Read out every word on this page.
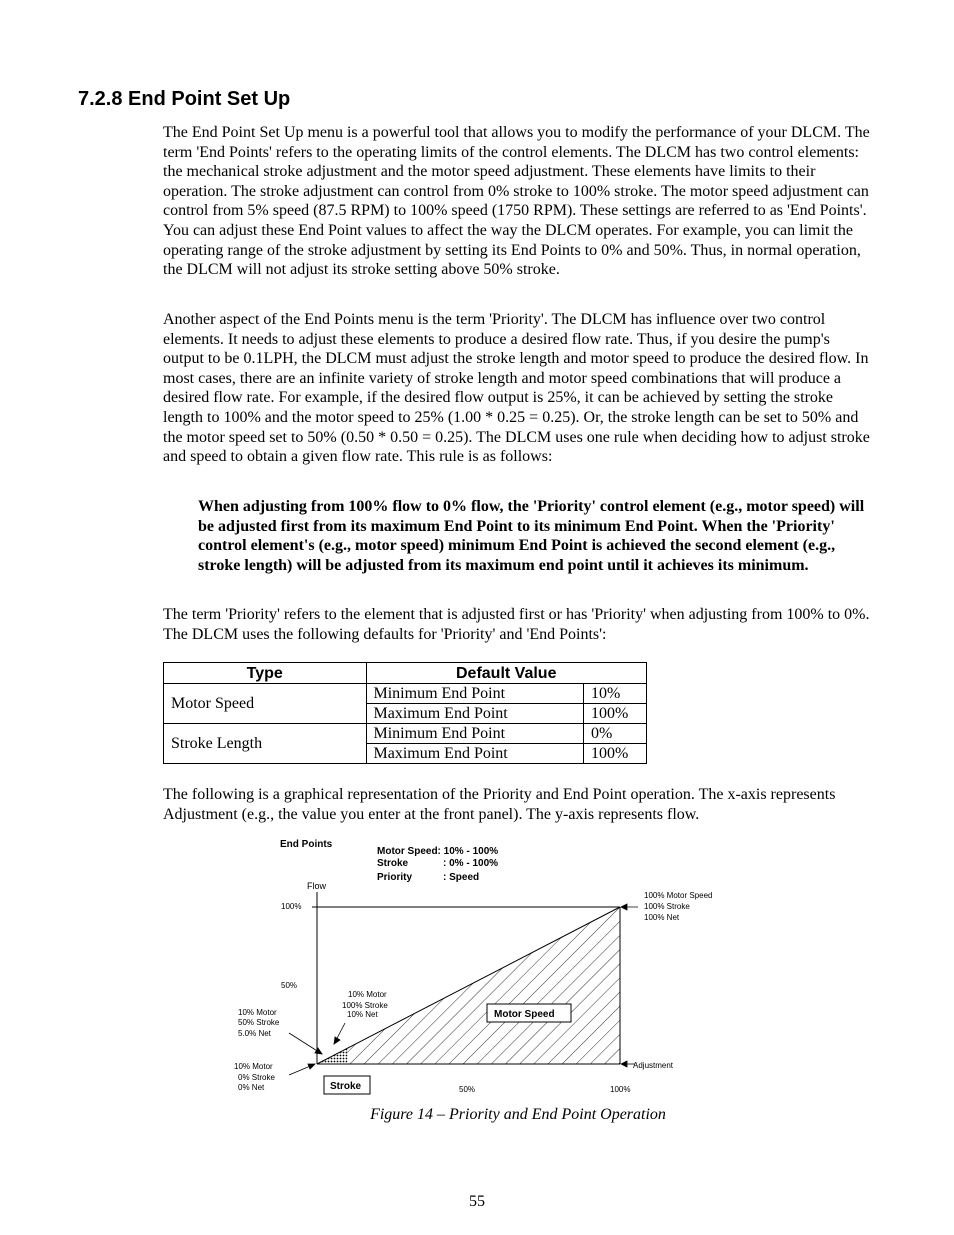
7.2.8 End Point Set Up

The End Point Set Up menu is a powerful tool that allows you to modify the performance of your DLCM. The term 'End Points' refers to the operating limits of the control elements. The DLCM has two control elements: the mechanical stroke adjustment and the motor speed adjustment. These elements have limits to their operation. The stroke adjustment can control from 0% stroke to 100% stroke. The motor speed adjustment can control from 5% speed (87.5 RPM) to 100% speed (1750 RPM). These settings are referred to as 'End Points'. You can adjust these End Point values to affect the way the DLCM operates. For example, you can limit the operating range of the stroke adjustment by setting its End Points to 0% and 50%. Thus, in normal operation, the DLCM will not adjust its stroke setting above 50% stroke.

Another aspect of the End Points menu is the term 'Priority'. The DLCM has influence over two control elements. It needs to adjust these elements to produce a desired flow rate. Thus, if you desire the pump's output to be 0.1LPH, the DLCM must adjust the stroke length and motor speed to produce the desired flow. In most cases, there are an infinite variety of stroke length and motor speed combinations that will produce a desired flow rate. For example, if the desired flow output is 25%, it can be achieved by setting the stroke length to 100% and the motor speed to 25% (1.00 * 0.25 = 0.25). Or, the stroke length can be set to 50% and the motor speed set to 50% (0.50 * 0.50 = 0.25). The DLCM uses one rule when deciding how to adjust stroke and speed to obtain a given flow rate. This rule is as follows:

When adjusting from 100% flow to 0% flow, the 'Priority' control element (e.g., motor speed) will be adjusted first from its maximum End Point to its minimum End Point. When the 'Priority' control element's (e.g., motor speed) minimum End Point is achieved the second element (e.g., stroke length) will be adjusted from its maximum end point until it achieves its minimum.

The term 'Priority' refers to the element that is adjusted first or has 'Priority' when adjusting from 100% to 0%. The DLCM uses the following defaults for 'Priority' and 'End Points':

Type	Default Value	
Motor Speed	Minimum End Point	10%
	Maximum End Point	100%
Stroke Length	Minimum End Point	0%
	Maximum End Point	100%

The following is a graphical representation of the Priority and End Point operation. The x-axis represents Adjustment (e.g., the value you enter at the front panel). The y-axis represents flow.

End Points
Motor Speed: 10% - 100%
Stroke	: 0% - 100%
Priority	: Speed
Flow
Adjustment
100%
50%
50%	100%
100% Motor Speed
100% Stroke
100% Net
10% Motor
100% Stroke
10% Net
10% Motor
50% Stroke
5.0% Net
10% Motor
0% Stroke
0% Net
Motor Speed
Stroke
Figure 14 – Priority and End Point Operation
55
